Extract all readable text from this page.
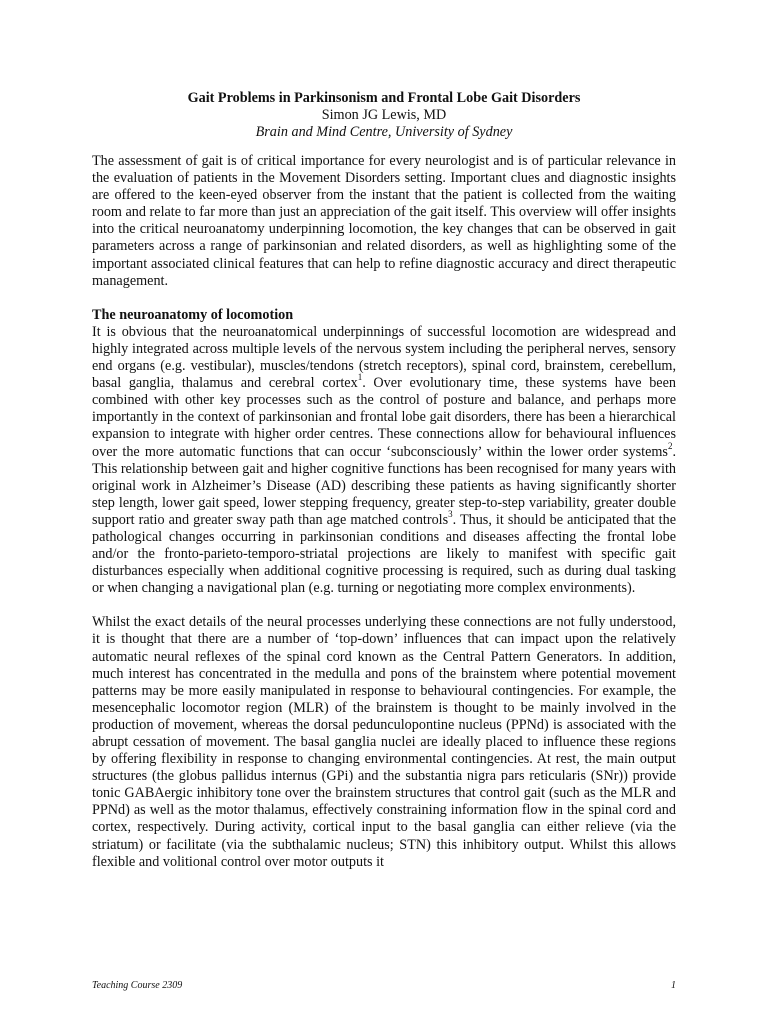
Gait Problems in Parkinsonism and Frontal Lobe Gait Disorders
Simon JG Lewis, MD
Brain and Mind Centre, University of Sydney

The assessment of gait is of critical importance for every neurologist and is of particular relevance in the evaluation of patients in the Movement Disorders setting. Important clues and diagnostic insights are offered to the keen-eyed observer from the instant that the patient is collected from the waiting room and relate to far more than just an appreciation of the gait itself. This overview will offer insights into the critical neuroanatomy underpinning locomotion, the key changes that can be observed in gait parameters across a range of parkinsonian and related disorders, as well as highlighting some of the important associated clinical features that can help to refine diagnostic accuracy and direct therapeutic management.

The neuroanatomy of locomotion

It is obvious that the neuroanatomical underpinnings of successful locomotion are widespread and highly integrated across multiple levels of the nervous system including the peripheral nerves, sensory end organs (e.g. vestibular), muscles/tendons (stretch receptors), spinal cord, brainstem, cerebellum, basal ganglia, thalamus and cerebral cortex$^1$. Over evolutionary time, these systems have been combined with other key processes such as the control of posture and balance, and perhaps more importantly in the context of parkinsonian and frontal lobe gait disorders, there has been a hierarchical expansion to integrate with higher order centres. These connections allow for behavioural influences over the more automatic functions that can occur ‘subconsciously’ within the lower order systems$^2$. This relationship between gait and higher cognitive functions has been recognised for many years with original work in Alzheimer’s Disease (AD) describing these patients as having significantly shorter step length, lower gait speed, lower stepping frequency, greater step-to-step variability, greater double support ratio and greater sway path than age matched controls$^3$. Thus, it should be anticipated that the pathological changes occurring in parkinsonian conditions and diseases affecting the frontal lobe and/or the fronto-parieto-temporo-striatal projections are likely to manifest with specific gait disturbances especially when additional cognitive processing is required, such as during dual tasking or when changing a navigational plan (e.g. turning or negotiating more complex environments).

Whilst the exact details of the neural processes underlying these connections are not fully understood, it is thought that there are a number of ‘top-down’ influences that can impact upon the relatively automatic neural reflexes of the spinal cord known as the Central Pattern Generators. In addition, much interest has concentrated in the medulla and pons of the brainstem where potential movement patterns may be more easily manipulated in response to behavioural contingencies. For example, the mesencephalic locomotor region (MLR) of the brainstem is thought to be mainly involved in the production of movement, whereas the dorsal pedunculopontine nucleus (PPNd) is associated with the abrupt cessation of movement. The basal ganglia nuclei are ideally placed to influence these regions by offering flexibility in response to changing environmental contingencies. At rest, the main output structures (the globus pallidus internus (GPi) and the substantia nigra pars reticularis (SNr)) provide tonic GABAergic inhibitory tone over the brainstem structures that control gait (such as the MLR and PPNd) as well as the motor thalamus, effectively constraining information flow in the spinal cord and cortex, respectively. During activity, cortical input to the basal ganglia can either relieve (via the striatum) or facilitate (via the subthalamic nucleus; STN) this inhibitory output. Whilst this allows flexible and volitional control over motor outputs it

Teaching Course 2309	1
